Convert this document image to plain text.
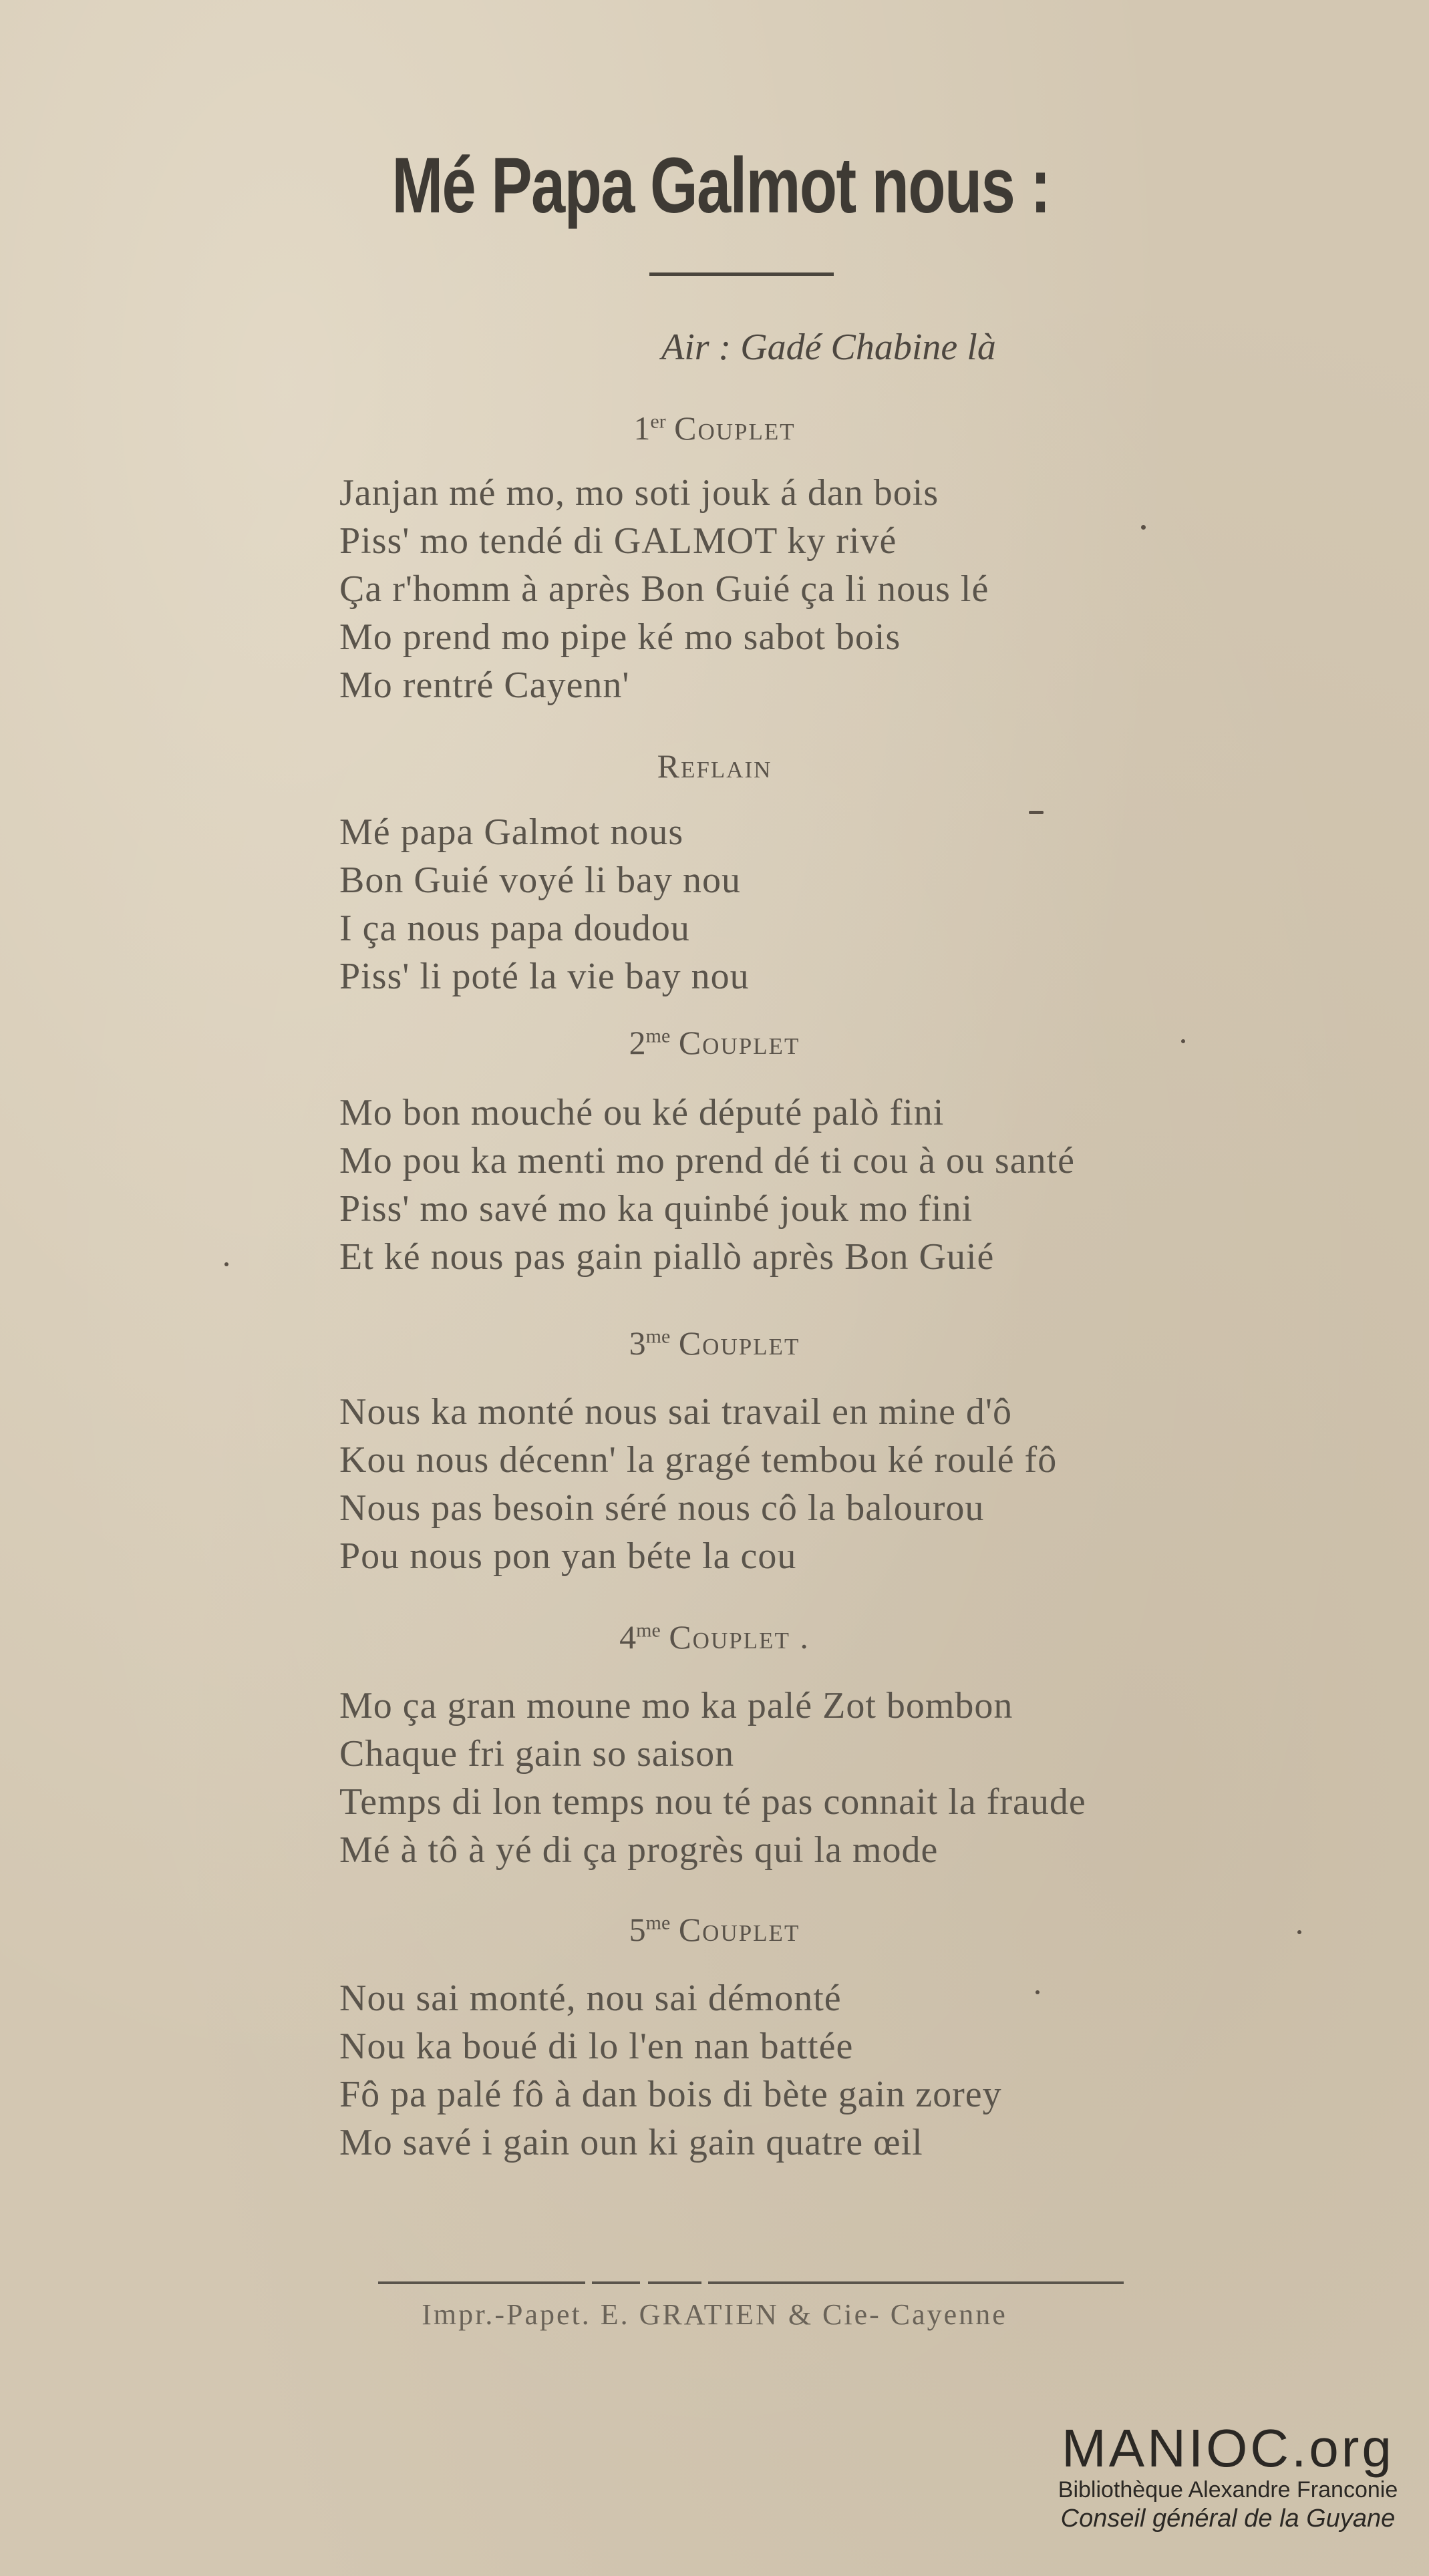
Mé Papa Galmot nous :
Air : Gadé Chabine là
1er Couplet
Janjan mé mo, mo soti jouk á dan bois
Piss' mo tendé di GALMOT ky rivé
Ça r'homm à après Bon Guié ça li nous lé
Mo prend mo pipe ké mo sabot bois
Mo rentré Cayenn'
Reflain
Mé papa Galmot nous
Bon Guié voyé li bay nou
I ça nous papa doudou
Piss' li poté la vie bay nou
$2^{me}$ Couplet
Mo bon mouché ou ké député palò fini
Mo pou ka menti mo prend dé ti cou à ou santé
Piss' mo savé mo ka quinbé jouk mo fini
Et ké nous pas gain piallò après Bon Guié
$3^{me}$ Couplet
Nous ka monté nous sai travail en mine d'ô
Kou nous décenn' la gragé tembou ké roulé fô
Nous pas besoin séré nous cô la balourou
Pou nous pon yan béte la cou
$4^{me}$ Couplet .
Mo ça gran moune mo ka palé Zot bombon
Chaque fri gain so saison
Temps di lon temps nou té pas connait la fraude
Mé à tô à yé di ça progrès qui la mode
$5^{me}$ Couplet
Nou sai monté, nou sai démonté
Nou ka boué di lo l'en nan battée
Fô pa palé fô à dan bois di bète gain zorey
Mo savé i gain oun ki gain quatre œil
Impr.-Papet. E. GRATIEN & Cie- Cayenne
MANIOC.org
Bibliothèque Alexandre Franconie
Conseil général de la Guyane
